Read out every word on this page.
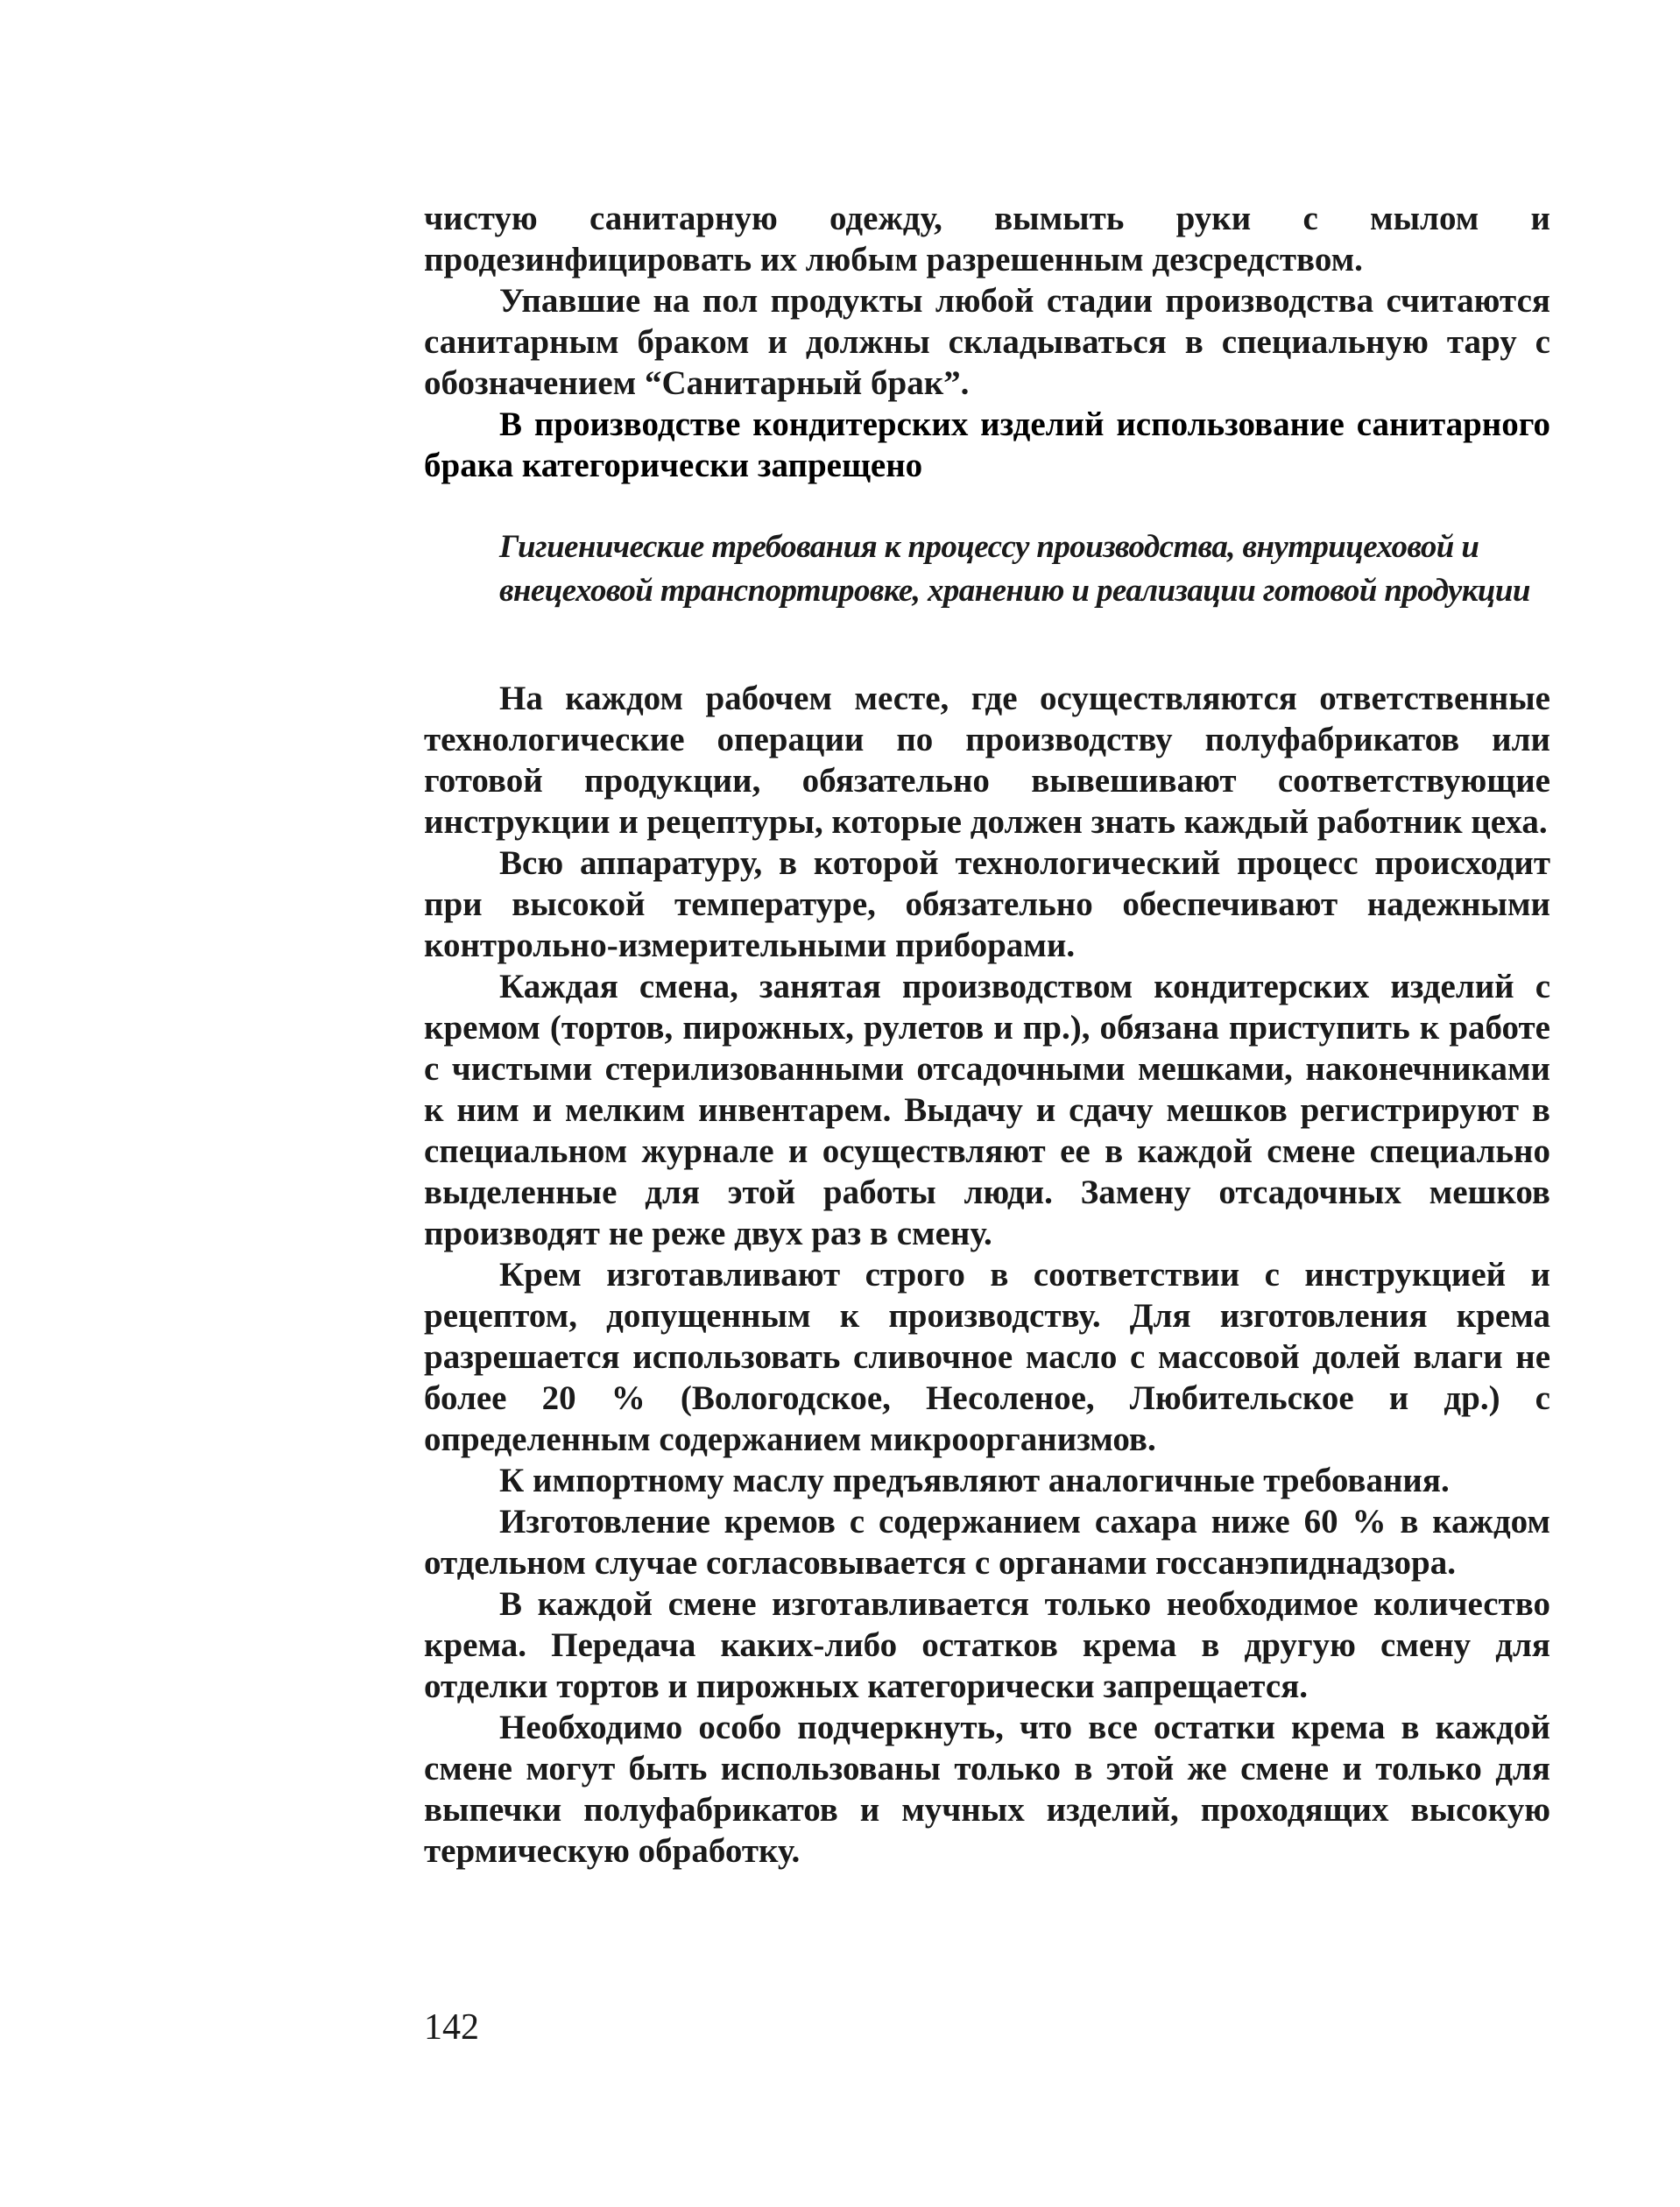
чистую санитарную одежду, вымыть руки с мылом и продезинфицировать их любым разрешенным дезсредством.

Упавшие на пол продукты любой стадии производства считаются санитарным браком и должны складываться в специальную тару с обозначением “Санитарный брак”.

В производстве кондитерских изделий использование санитарного брака категорически запрещено

Гигиенические требования к процессу производства, внутрицеховой и внецеховой транспортировке, хранению и реализации готовой продукции

На каждом рабочем месте, где осуществляются ответственные технологические операции по производству полуфабрикатов или готовой продукции, обязательно вывешивают соответствующие инструкции и рецептуры, которые должен знать каждый работник цеха.

Всю аппаратуру, в которой технологический процесс происходит при высокой температуре, обязательно обеспечивают надежными контрольно-измерительными приборами.

Каждая смена, занятая производством кондитерских изделий с кремом (тортов, пирожных, рулетов и пр.), обязана приступить к работе с чистыми стерилизованными отсадочными мешками, наконечниками к ним и мелким инвентарем. Выдачу и сдачу мешков регистрируют в специальном журнале и осуществляют ее в каждой смене специально выделенные для этой работы люди. Замену отсадочных мешков производят не реже двух раз в смену.

Крем изготавливают строго в соответствии с инструкцией и рецептом, допущенным к производству. Для изготовления крема разрешается использовать сливочное масло с массовой долей влаги не более 20 % (Вологодское, Несоленое, Любительское и др.) с определенным содержанием микроорганизмов.

К импортному маслу предъявляют аналогичные требования.

Изготовление кремов с содержанием сахара ниже 60 % в каждом отдельном случае согласовывается с органами госсанэпиднадзора.

В каждой смене изготавливается только необходимое количество крема. Передача каких-либо остатков крема в другую смену для отделки тортов и пирожных категорически запрещается.

Необходимо особо подчеркнуть, что все остатки крема в каждой смене могут быть использованы только в этой же смене и только для выпечки полуфабрикатов и мучных изделий, проходящих высокую термическую обработку.

142
